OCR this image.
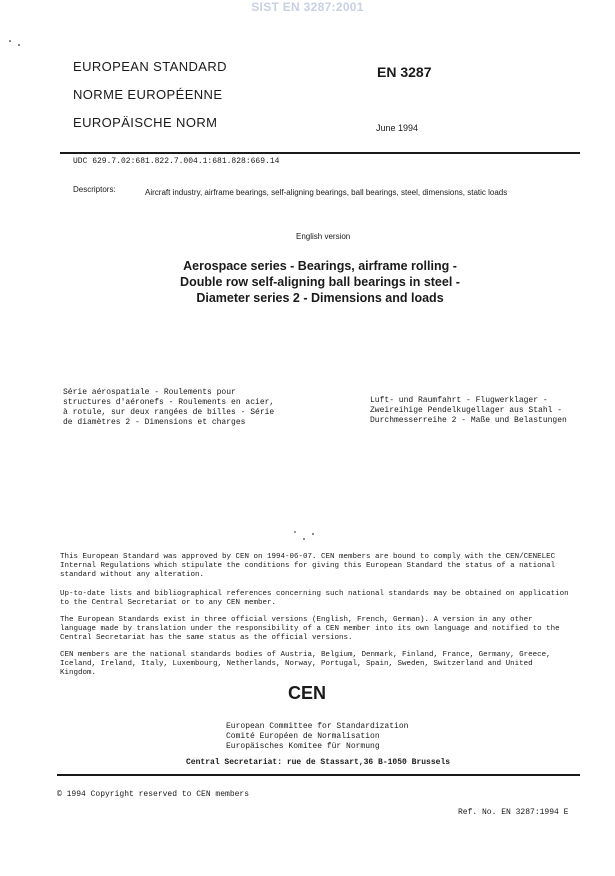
SIST EN 3287:2001
EUROPEAN STANDARD
NORME EUROPÉENNE
EUROPÄISCHE NORM
EN 3287
June 1994
UDC 629.7.02:681.822.7.004.1:681.828:669.14
Descriptors:	Aircraft industry, airframe bearings, self-aligning bearings, ball bearings, steel, dimensions, static loads
English version
Aerospace series - Bearings, airframe rolling -
Double row self-aligning ball bearings in steel -
Diameter series 2 - Dimensions and loads
Série aérospatiale - Roulements pour structures d'aéronefs - Roulements en acier, à rotule, sur deux rangées de billes - Série de diamètres 2 - Dimensions et charges
Luft- und Raumfahrt - Flugwerklager - Zweireihige Pendelkugellager aus Stahl - Durchmesserreihe 2 - Maße und Belastungen
This European Standard was approved by CEN on 1994-06-07. CEN members are bound to comply with the CEN/CENELEC Internal Regulations which stipulate the conditions for giving this European Standard the status of a national standard without any alteration.
Up-to-date lists and bibliographical references concerning such national standards may be obtained on application to the Central Secretariat or to any CEN member.
The European Standards exist in three official versions (English, French, German). A version in any other language made by translation under the responsibility of a CEN member into its own language and notified to the Central Secretariat has the same status as the official versions.
CEN members are the national standards bodies of Austria, Belgium, Denmark, Finland, France, Germany, Greece, Iceland, Ireland, Italy, Luxembourg, Netherlands, Norway, Portugal, Spain, Sweden, Switzerland and United Kingdom.
CEN
European Committee for Standardization
Comité Européen de Normalisation
Europäisches Komitee für Normung
Central Secretariat: rue de Stassart,36 B-1050 Brussels
© 1994 Copyright reserved to CEN members
Ref. No. EN 3287:1994 E
